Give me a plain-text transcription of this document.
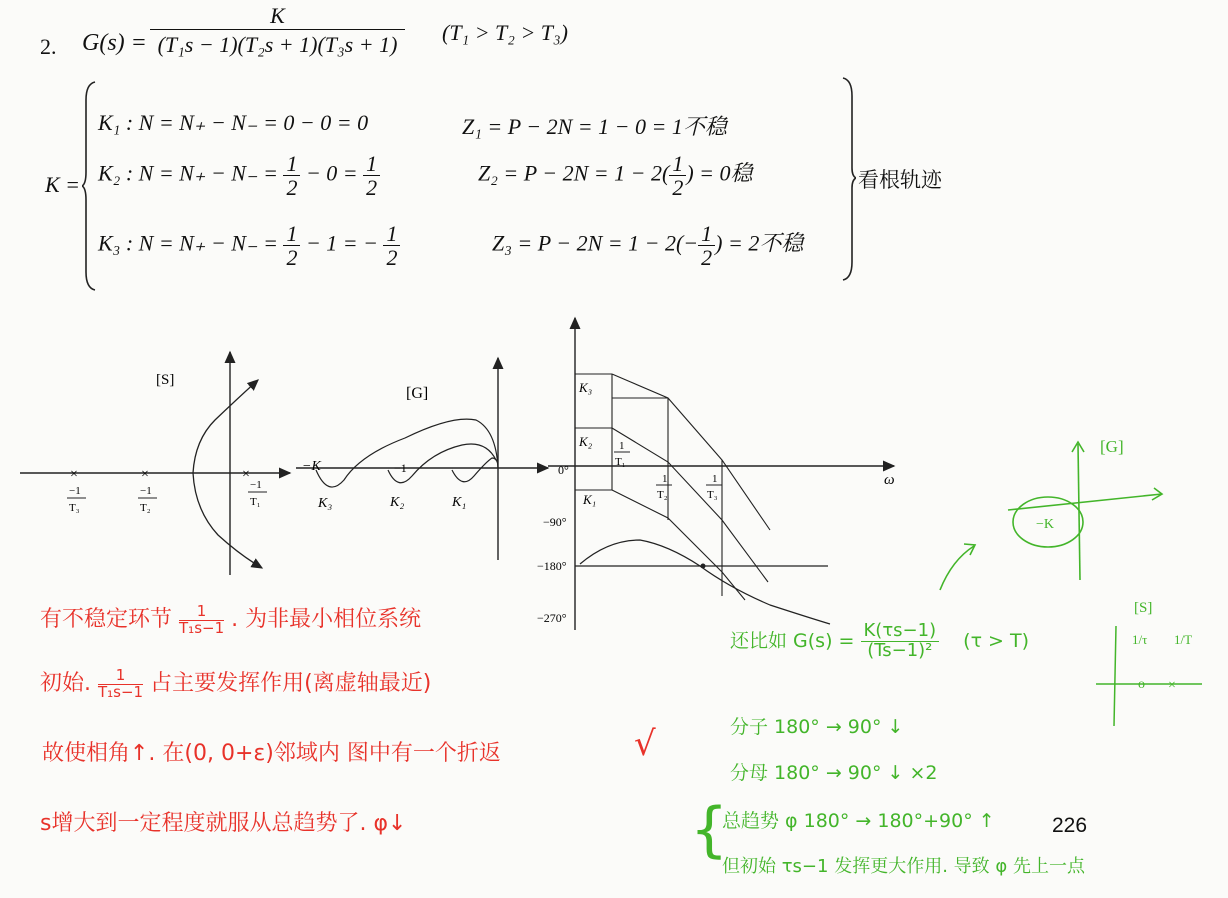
2. $G(s) = \frac{K}{\text{(T₁s − 1)(T₂s + 1)(T₃s + 1)}} (T_1 > T_2 > T_3)$
K =	看根轨迹
K₁ : N = N₊ − N₋ = 0 − 0 = 0	Z₁ = P − 2N = 1 − 0 = 1不稳
K₂ : $N = N_+ - N_- = \frac{1}{2} - 0 = \frac{1}{2}$	$Z_2 = P - 2N = 1 - 2( \frac{1}{2}$ ) = 0稳
K₃ : $N = N_+ - N_- = \frac{1}{2} - 1$ = − $\frac{1}{2}$	$Z_3 = P - 2N = 1 - 2(- \frac{1}{2}$ ) = 2不稳
[S]
×
−1
T₃
×
−1
T₂
×
−1
T₁
[G]
−K	−1
K₃	K₂	K₁
ω
0°
−90°
−180°
−270°
K₃
K₂
K₁
1
T₁
1
T₂
1
T₃
有不稳定环节 $\frac{1}{\text{T₁s−1}}$ . 为非最小相位系统
初始. $\frac{1}{\text{T₁s−1}}$ 占主要发挥作用(离虚轴最近)
故使相角↑. 在(0, 0+ε)邻域内 图中有一个折返	√
s增大到一定程度就服从总趋势了. φ↓
[G]
−K
[S]
1/τ 1/T
o ×
还比如 $G(s) = \frac{K(\tau s-1)}{\text{(Ts−1)²}} (\tau > T)$
分子 180° → 90° ↓
分母 180° → 90° ↓ ×2
{
总趋势 φ 180° → 180°+90° ↑
但初始 τs−1 发挥更大作用. 导致 φ 先上一点
226
